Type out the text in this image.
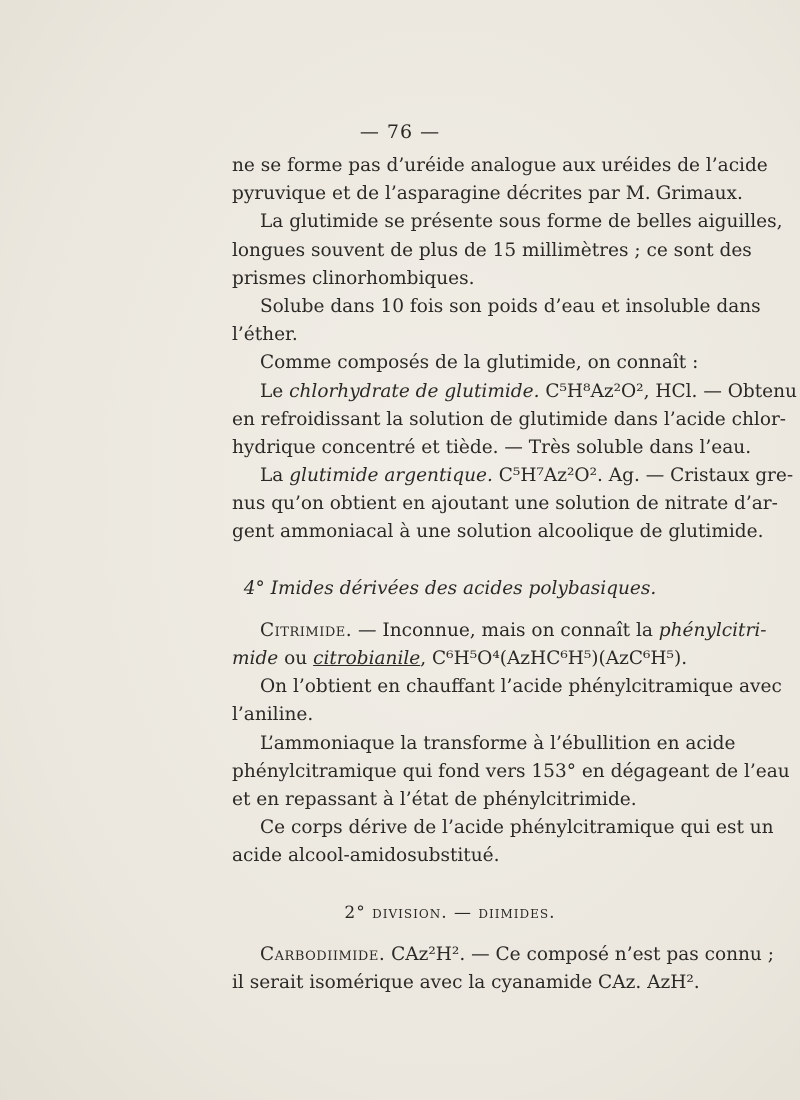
— 76 —
ne se forme pas d’uréide analogue aux uréides de l’acide
pyruvique et de l’asparagine décrites par M. Grimaux.
La glutimide se présente sous forme de belles aiguilles,
longues souvent de plus de 15 millimètres ; ce sont des
prismes clinorhombiques.
Solube dans 10 fois son poids d’eau et insoluble dans
l’éther.
Comme composés de la glutimide, on connaît :
Le chlorhydrate de glutimide. C⁵H⁸Az²O², HCl. — Obtenu
en refroidissant la solution de glutimide dans l’acide chlor-
hydrique concentré et tiède. — Très soluble dans l’eau.
La glutimide argentique. C⁵H⁷Az²O². Ag. — Cristaux gre-
nus qu’on obtient en ajoutant une solution de nitrate d’ar-
gent ammoniacal à une solution alcoolique de glutimide.
4° Imides dérivées des acides polybasiques.
Citrimide. — Inconnue, mais on connaît la phénylcitri-
mide ou citrobianile, C⁶H⁵O⁴(AzHC⁶H⁵)(AzC⁶H⁵).
On l’obtient en chauffant l’acide phénylcitramique avec
l’aniline.
L’ammoniaque la transforme à l’ébullition en acide
phénylcitramique qui fond vers 153° en dégageant de l’eau
et en repassant à l’état de phénylcitrimide.
Ce corps dérive de l’acide phénylcitramique qui est un
acide alcool-amidosubstitué.
2° division. — diimides.
Carbodiimide. CAz²H². — Ce composé n’est pas connu ;
il serait isomérique avec la cyanamide CAz. AzH².
